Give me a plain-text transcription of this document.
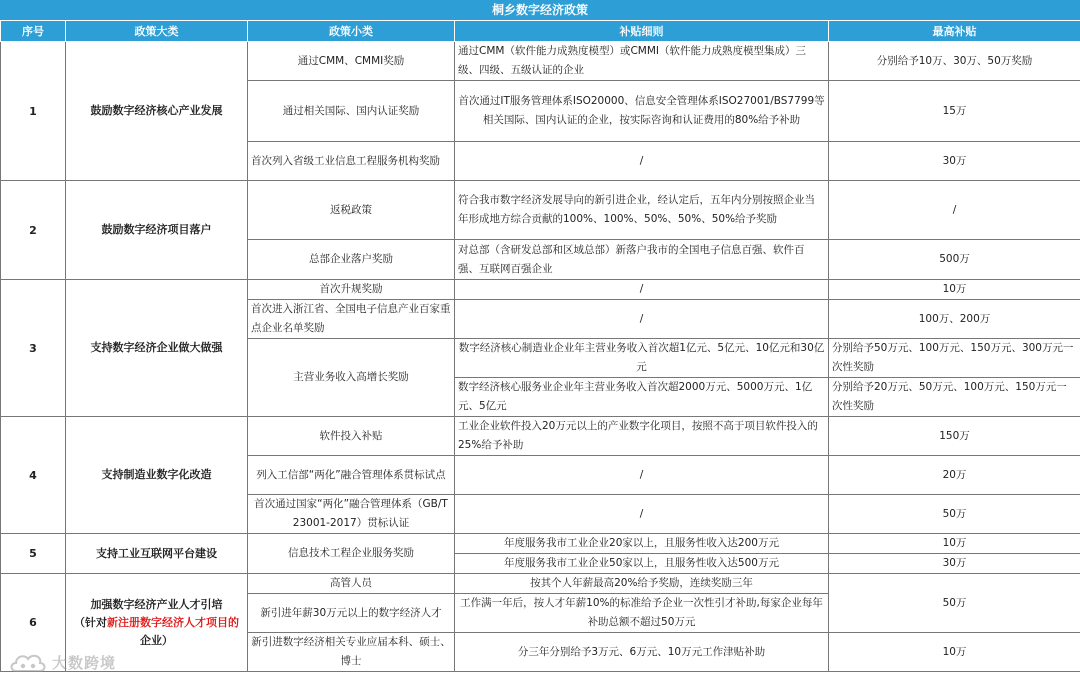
桐乡数字经济政策
序号	政策大类	政策小类	补贴细则	最高补贴
1	鼓励数字经济核心产业发展	通过CMM、CMMI奖励	通过CMM（软件能力成熟度模型）或CMMI（软件能力成熟度模型集成）三级、四级、五级认证的企业	分别给予10万、30万、50万奖励
		通过相关国际、国内认证奖励	首次通过IT服务管理体系ISO20000、信息安全管理体系ISO27001/BS7799等相关国际、国内认证的企业，按实际咨询和认证费用的80%给予补助	15万
		首次列入省级工业信息工程服务机构奖励	/	30万
2	鼓励数字经济项目落户	返税政策	符合我市数字经济发展导向的新引进企业，经认定后，五年内分别按照企业当年形成地方综合贡献的100%、100%、50%、50%、50%给予奖励	/
		总部企业落户奖励	对总部（含研发总部和区域总部）新落户我市的全国电子信息百强、软件百强、互联网百强企业	500万
3	支持数字经济企业做大做强	首次升规奖励	/	10万
		首次进入浙江省、全国电子信息产业百家重点企业名单奖励	/	100万、200万
		主营业务收入高增长奖励	数字经济核心制造业企业年主营业务收入首次超1亿元、5亿元、10亿元和30亿元	分别给予50万元、100万元、150万元、300万元一次性奖励
			数字经济核心服务业企业年主营业务收入首次超2000万元、5000万元、1亿元、5亿元	分别给予20万元、50万元、100万元、150万元一次性奖励
4	支持制造业数字化改造	软件投入补贴	工业企业软件投入20万元以上的产业数字化项目，按照不高于项目软件投入的25%给予补助	150万
		列入工信部“两化”融合管理体系贯标试点	/	20万
		首次通过国家“两化”融合管理体系（GB/T 23001-2017）贯标认证	/	50万
5	支持工业互联网平台建设	信息技术工程企业服务奖励	年度服务我市工业企业20家以上，且服务性收入达200万元	10万
			年度服务我市工业企业50家以上，且服务性收入达500万元	30万
6	加强数字经济产业人才引培
（针对新注册数字经济人才项目的企业）	高管人员	按其个人年薪最高20%给予奖励，连续奖励三年	50万
		新引进年薪30万元以上的数字经济人才	工作满一年后，按人才年薪10%的标准给予企业一次性引才补助,每家企业每年补助总额不超过50万元	
		新引进数字经济相关专业应届本科、硕士、博士	分三年分别给予3万元、6万元、10万元工作津贴补助	10万
大数跨境
